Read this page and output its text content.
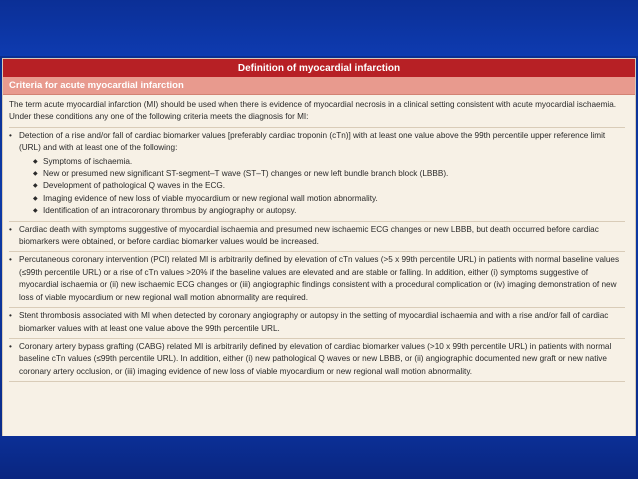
Definition of myocardial infarction
Criteria for acute myocardial infarction

The term acute myocardial infarction (MI) should be used when there is evidence of myocardial necrosis in a clinical setting consistent with acute myocardial ischaemia. Under these conditions any one of the following criteria meets the diagnosis for MI:

• Detection of a rise and/or fall of cardiac biomarker values [preferably cardiac troponin (cTn)] with at least one value above the 99th percentile upper reference limit (URL) and with at least one of the following:
◆ Symptoms of ischaemia.
◆ New or presumed new significant ST-segment–T wave (ST–T) changes or new left bundle branch block (LBBB).
◆ Development of pathological Q waves in the ECG.
◆ Imaging evidence of new loss of viable myocardium or new regional wall motion abnormality.
◆ Identification of an intracoronary thrombus by angiography or autopsy.
• Cardiac death with symptoms suggestive of myocardial ischaemia and presumed new ischaemic ECG changes or new LBBB, but death occurred before cardiac biomarkers were obtained, or before cardiac biomarker values would be increased.
• Percutaneous coronary intervention (PCI) related MI is arbitrarily defined by elevation of cTn values (>5 x 99th percentile URL) in patients with normal baseline values (≤99th percentile URL) or a rise of cTn values >20% if the baseline values are elevated and are stable or falling. In addition, either (i) symptoms suggestive of myocardial ischaemia or (ii) new ischaemic ECG changes or (iii) angiographic findings consistent with a procedural complication or (iv) imaging demonstration of new loss of viable myocardium or new regional wall motion abnormality are required.
• Stent thrombosis associated with MI when detected by coronary angiography or autopsy in the setting of myocardial ischaemia and with a rise and/or fall of cardiac biomarker values with at least one value above the 99th percentile URL.
• Coronary artery bypass grafting (CABG) related MI is arbitrarily defined by elevation of cardiac biomarker values (>10 x 99th percentile URL) in patients with normal baseline cTn values (≤99th percentile URL). In addition, either (i) new pathological Q waves or new LBBB, or (ii) angiographic documented new graft or new native coronary artery occlusion, or (iii) imaging evidence of new loss of viable myocardium or new regional wall motion abnormality.
